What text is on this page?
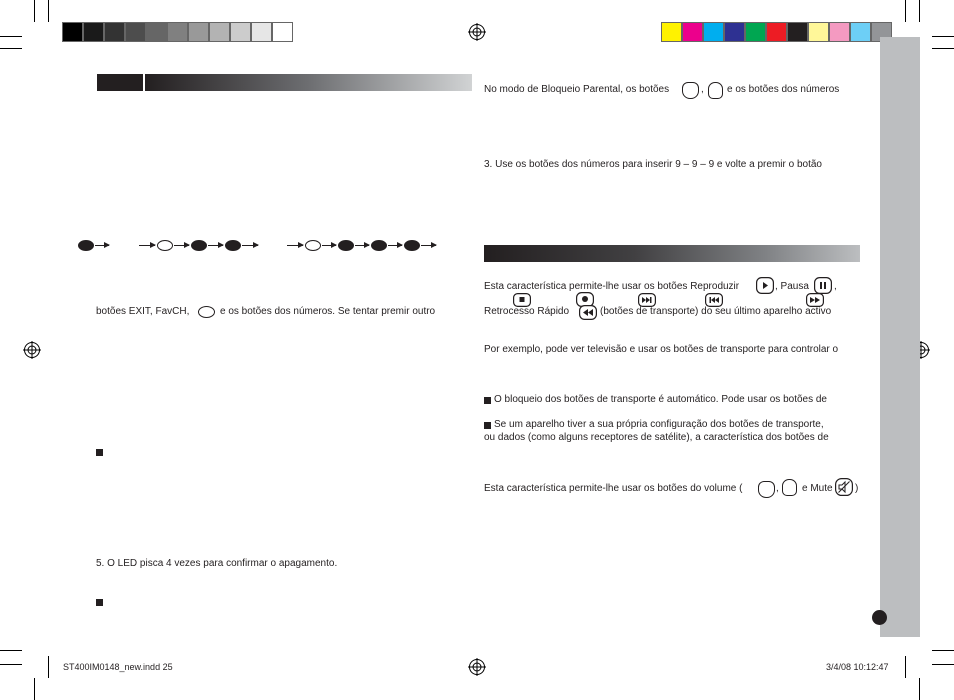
botões EXIT, FavCH,	e os botões dos números. Se tentar premir outro
5. O LED pisca 4 vezes para confirmar o apagamento.
No modo de Bloqueio Parental, os botões	, e os botões dos números
3. Use os botões dos números para inserir 9 – 9 – 9 e volte a premir o botão
Esta característica permite-lhe usar os botões Reproduzir	, Pausa	,
Retrocesso Rápido	(botões de transporte) do seu último aparelho activo
Por exemplo, pode ver televisão e usar os botões de transporte para controlar o
O bloqueio dos botões de transporte é automático. Pode usar os botões de
Se um aparelho tiver a sua própria configuração dos botões de transporte,
ou dados (como alguns receptores de satélite), a característica dos botões de
Esta característica permite-lhe usar os botões do volume (	, e Mute )
ST400IM0148_new.indd 25	3/4/08 10:12:47
